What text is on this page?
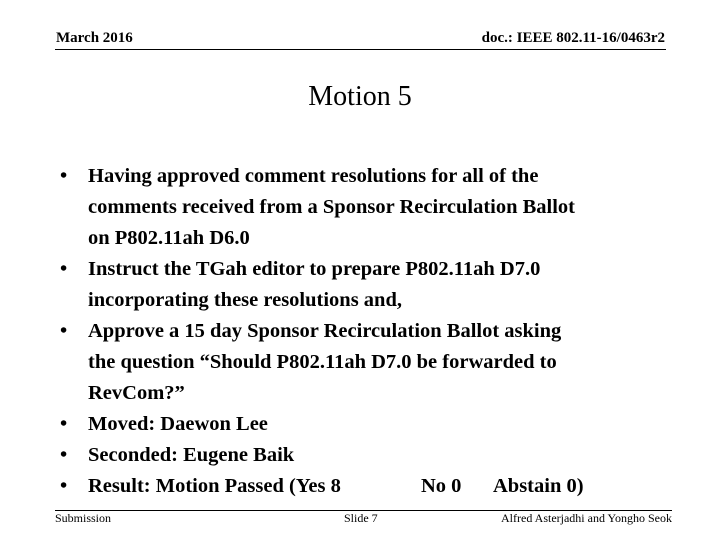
March 2016	doc.: IEEE 802.11-16/0463r2
Motion 5
• Having approved comment resolutions for all of the
comments received from a Sponsor Recirculation Ballot
on P802.11ah D6.0
• Instruct the TGah editor to prepare P802.11ah D7.0
incorporating these resolutions and,
• Approve a 15 day Sponsor Recirculation Ballot asking
the question “Should P802.11ah D7.0 be forwarded to
RevCom?”
• Moved: Daewon Lee
• Seconded: Eugene Baik
• Result: Motion Passed (Yes 8	No 0 Abstain 0)
Submission	Slide 7	Alfred Asterjadhi and Yongho Seok
